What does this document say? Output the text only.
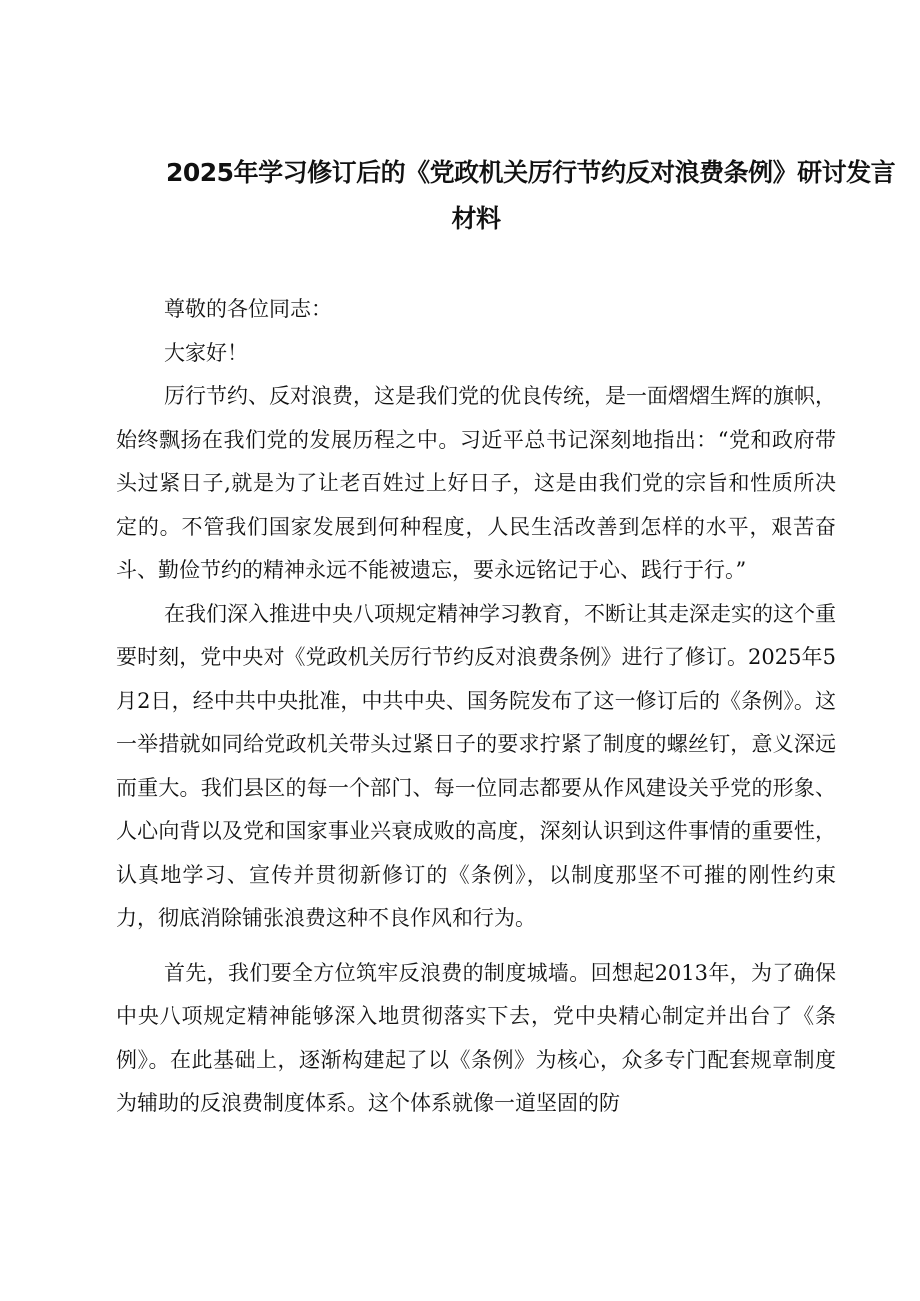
2025年学习修订后的《党政机关厉行节约反对浪费条例》研讨发言
材料

尊敬的各位同志：

大家好！

厉行节约、反对浪费，这是我们党的优良传统，是一面熠熠生辉的旗帜，始终飘扬在我们党的发展历程之中。习近平总书记深刻地指出：“党和政府带头过紧日子,就是为了让老百姓过上好日子，这是由我们党的宗旨和性质所决定的。不管我们国家发展到何种程度，人民生活改善到怎样的水平，艰苦奋斗、勤俭节约的精神永远不能被遗忘，要永远铭记于心、践行于行。”

在我们深入推进中央八项规定精神学习教育，不断让其走深走实的这个重要时刻，党中央对《党政机关厉行节约反对浪费条例》进行了修订。2025年5月2日，经中共中央批准，中共中央、国务院发布了这一修订后的《条例》。这一举措就如同给党政机关带头过紧日子的要求拧紧了制度的螺丝钉，意义深远而重大。我们县区的每一个部门、每一位同志都要从作风建设关乎党的形象、人心向背以及党和国家事业兴衰成败的高度，深刻认识到这件事情的重要性，认真地学习、宣传并贯彻新修订的《条例》，以制度那坚不可摧的刚性约束力，彻底消除铺张浪费这种不良作风和行为。

首先，我们要全方位筑牢反浪费的制度城墙。回想起2013年，为了确保中央八项规定精神能够深入地贯彻落实下去，党中央精心制定并出台了《条例》。在此基础上，逐渐构建起了以《条例》为核心，众多专门配套规章制度为辅助的反浪费制度体系。这个体系就像一道坚固的防
